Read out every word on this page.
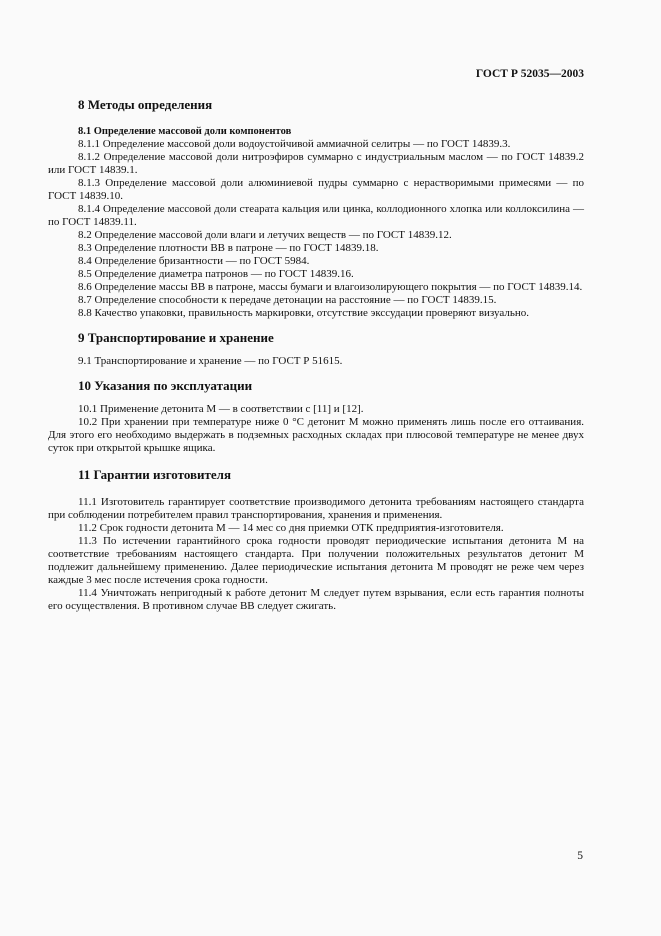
ГОСТ Р 52035—2003
8 Методы определения
8.1 Определение массовой доли компонентов

8.1.1 Определение массовой доли водоустойчивой аммиачной селитры — по ГОСТ 14839.3.

8.1.2 Определение массовой доли нитроэфиров суммарно с индустриальным маслом — по ГОСТ 14839.2 или ГОСТ 14839.1.

8.1.3 Определение массовой доли алюминиевой пудры суммарно с нерастворимыми примесями — по ГОСТ 14839.10.

8.1.4 Определение массовой доли стеарата кальция или цинка, коллодионного хлопка или коллоксилина — по ГОСТ 14839.11.

8.2 Определение массовой доли влаги и летучих веществ — по ГОСТ 14839.12.

8.3 Определение плотности ВВ в патроне — по ГОСТ 14839.18.

8.4 Определение бризантности — по ГОСТ 5984.

8.5 Определение диаметра патронов — по ГОСТ 14839.16.

8.6 Определение массы ВВ в патроне, массы бумаги и влагоизолирующего покрытия — по ГОСТ 14839.14.

8.7 Определение способности к передаче детонации на расстояние — по ГОСТ 14839.15.

8.8 Качество упаковки, правильность маркировки, отсутствие экссудации проверяют визуально.

9 Транспортирование и хранение

9.1 Транспортирование и хранение — по ГОСТ Р 51615.

10 Указания по эксплуатации

10.1 Применение детонита М — в соответствии с [11] и [12].

10.2 При хранении при температуре ниже 0 °С детонит М можно применять лишь после его оттаивания. Для этого его необходимо выдержать в подземных расходных складах при плюсовой температуре не менее двух суток при открытой крышке ящика.

11 Гарантии изготовителя

11.1 Изготовитель гарантирует соответствие производимого детонита требованиям настоящего стандарта при соблюдении потребителем правил транспортирования, хранения и применения.

11.2 Срок годности детонита М — 14 мес со дня приемки ОТК предприятия-изготовителя.

11.3 По истечении гарантийного срока годности проводят периодические испытания детонита М на соответствие требованиям настоящего стандарта. При получении положительных результатов детонит М подлежит дальнейшему применению. Далее периодические испытания детонита М проводят не реже чем через каждые 3 мес после истечения срока годности.

11.4 Уничтожать непригодный к работе детонит М следует путем взрывания, если есть гарантия полноты его осуществления. В противном случае ВВ следует сжигать.

5
